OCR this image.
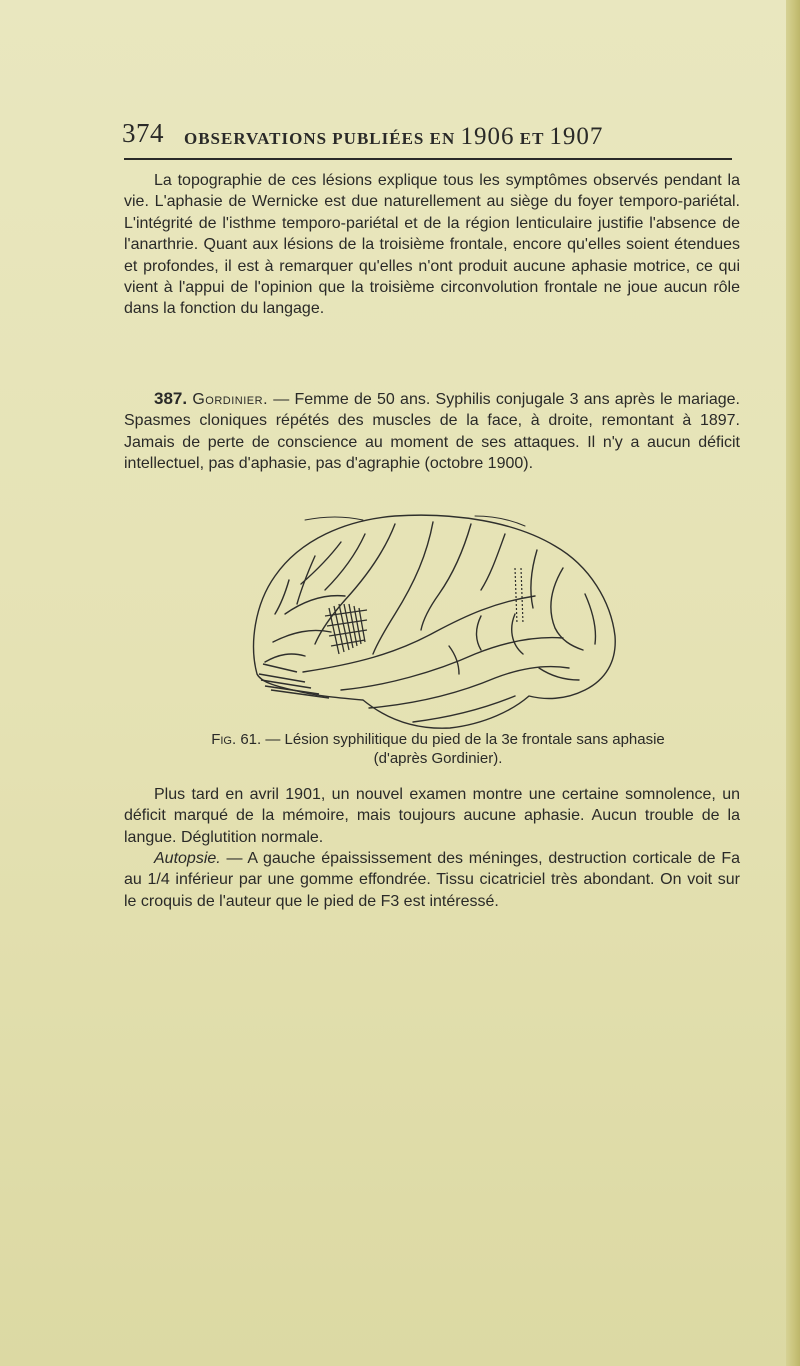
374 OBSERVATIONS PUBLIÉES EN 1906 ET 1907

La topographie de ces lésions explique tous les symptômes observés pendant la vie. L'aphasie de Wernicke est due naturellement au siège du foyer temporo-pariétal. L'intégrité de l'isthme temporo-pariétal et de la région lenticulaire justifie l'absence de l'anarthrie. Quant aux lésions de la troisième frontale, encore qu'elles soient étendues et profondes, il est à remarquer qu'elles n'ont produit aucune aphasie motrice, ce qui vient à l'appui de l'opinion que la troisième circonvolution frontale ne joue aucun rôle dans la fonction du langage.

387. Gordinier. — Femme de 50 ans. Syphilis conjugale 3 ans après le mariage. Spasmes cloniques répétés des muscles de la face, à droite, remontant à 1897. Jamais de perte de conscience au moment de ses attaques. Il n'y a aucun déficit intellectuel, pas d'aphasie, pas d'agraphie (octobre 1900).

Fig. 61. — Lésion syphilitique du pied de la 3e frontale sans aphasie
(d'après Gordinier).

Plus tard en avril 1901, un nouvel examen montre une certaine somnolence, un déficit marqué de la mémoire, mais toujours aucune aphasie. Aucun trouble de la langue. Déglutition normale.

Autopsie. — A gauche épaississement des méninges, destruction corticale de Fa au 1/4 inférieur par une gomme effondrée. Tissu cicatriciel très abondant. On voit sur le croquis de l'auteur que le pied de F3 est intéressé.
